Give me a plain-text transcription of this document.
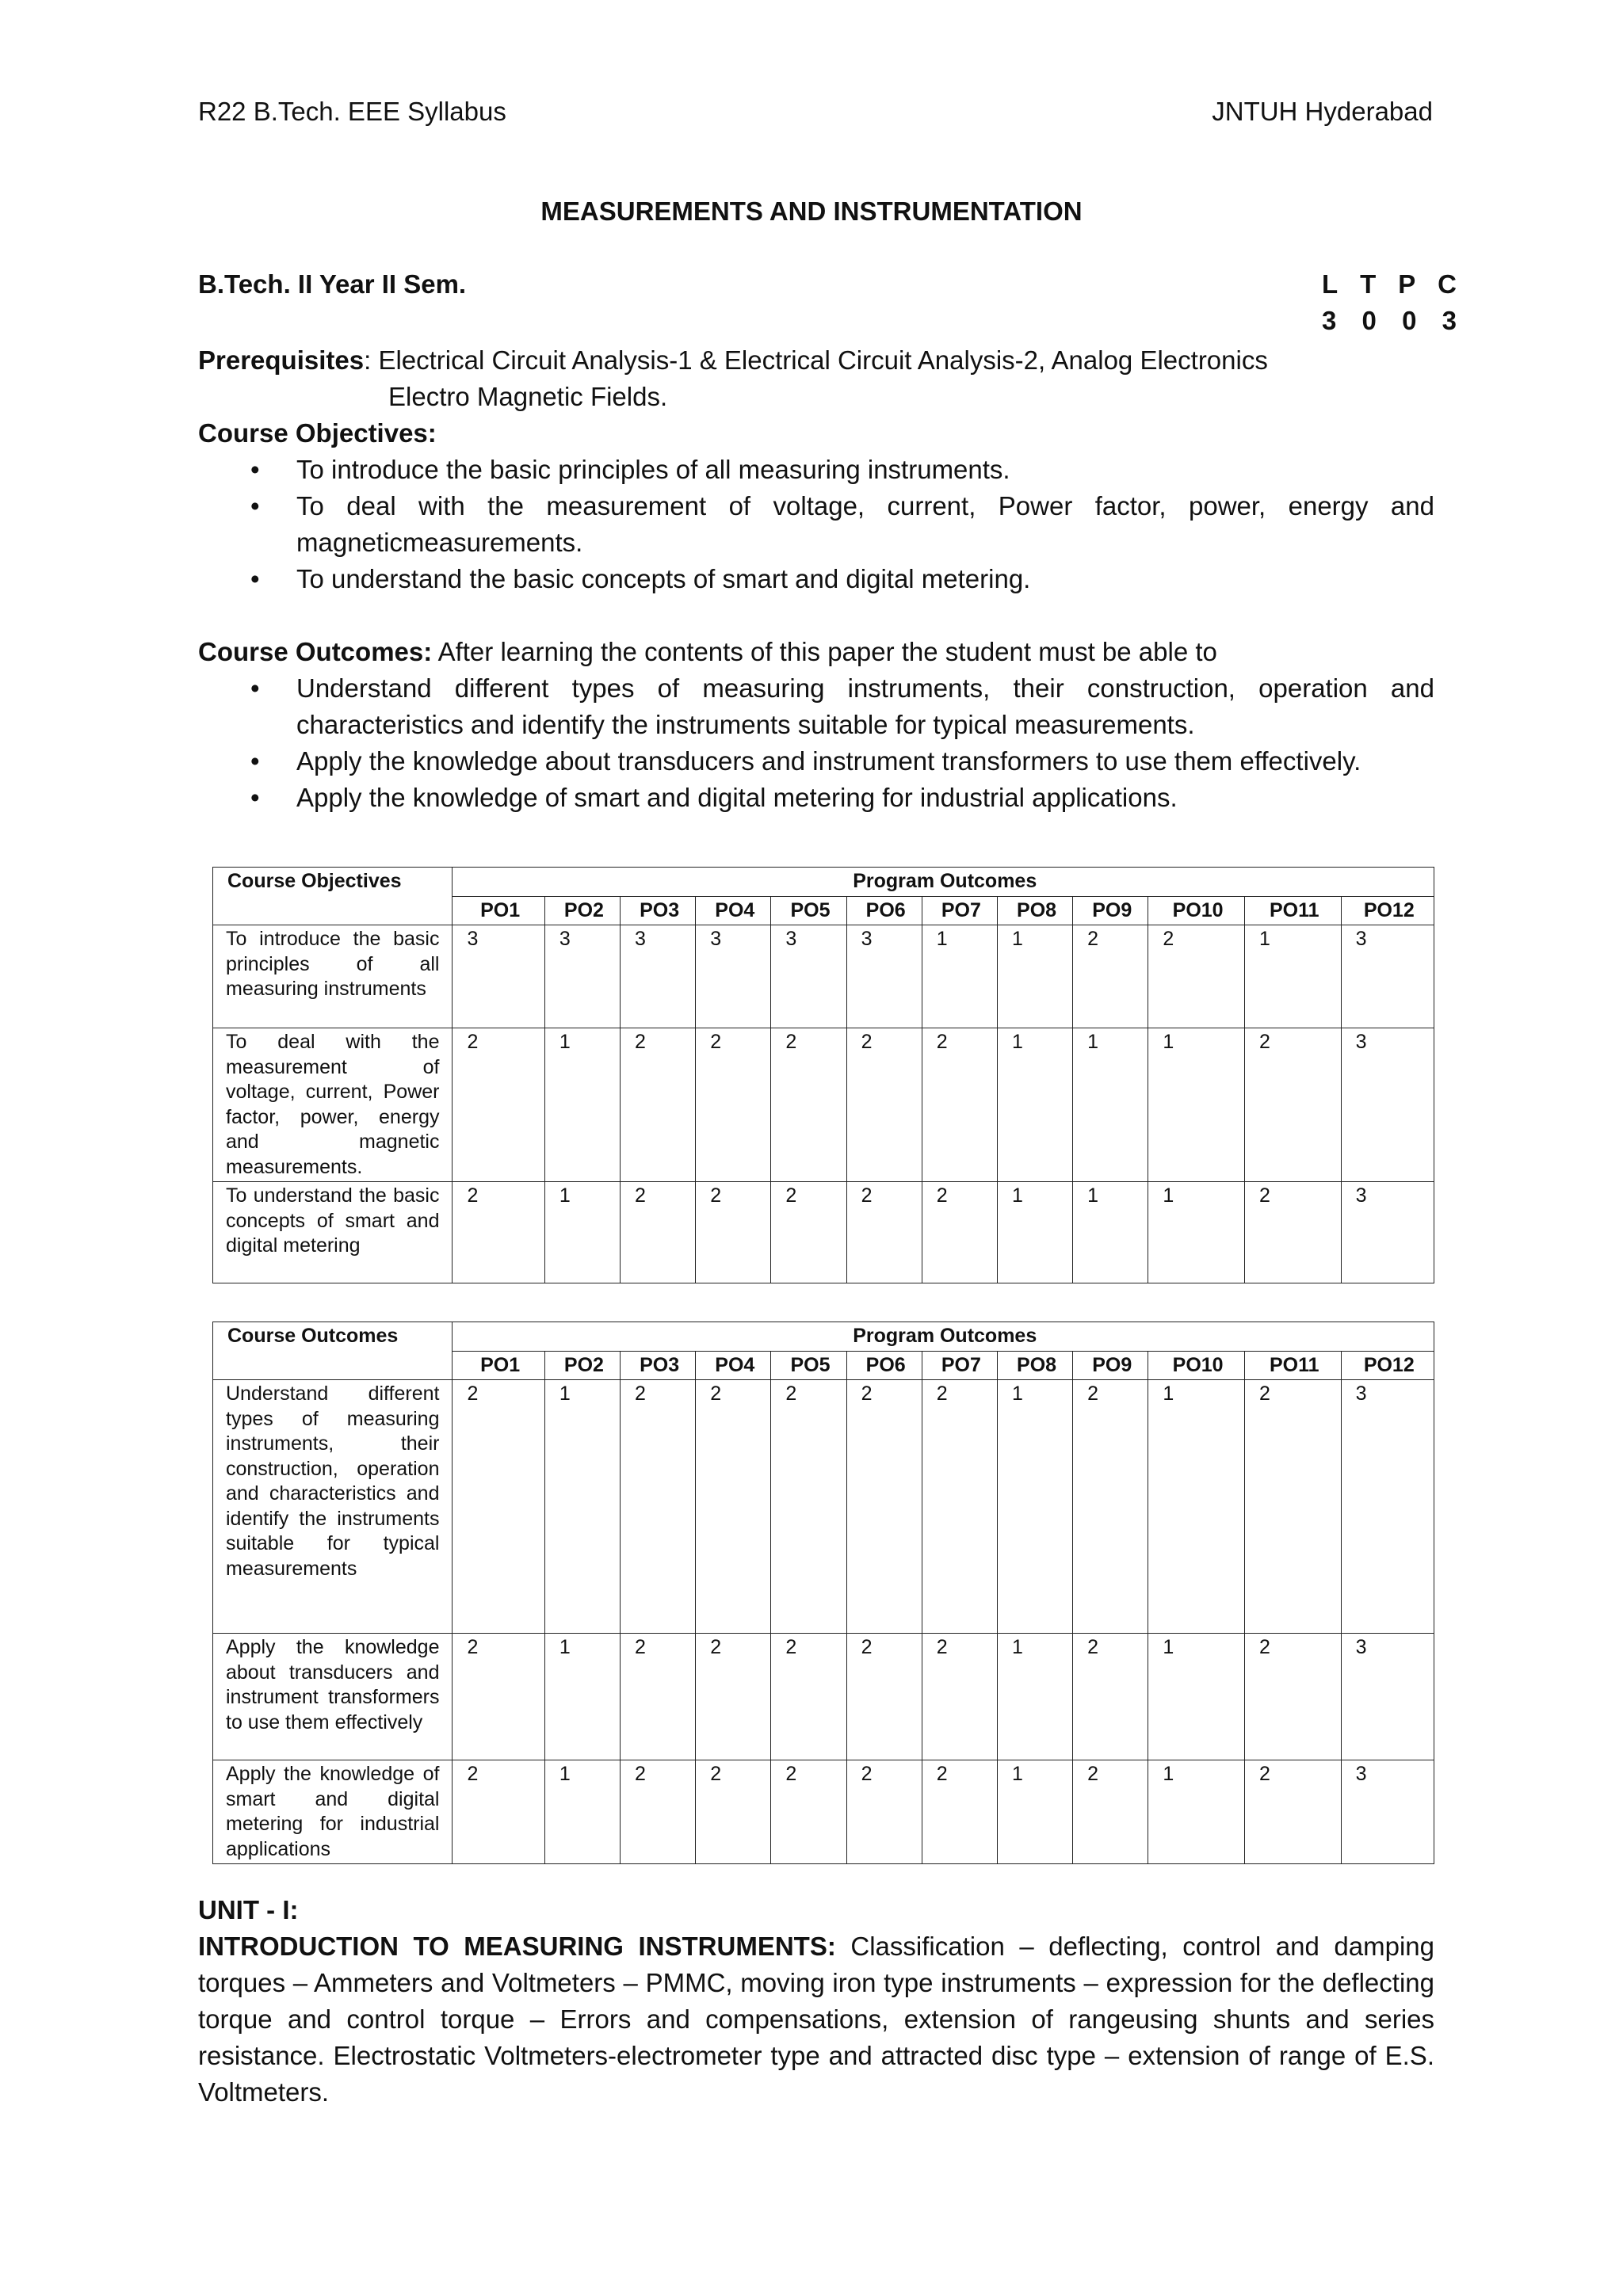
R22 B.Tech. EEE Syllabus	JNTUH Hyderabad
MEASUREMENTS AND INSTRUMENTATION
B.Tech. II Year II Sem.	L T P C
3 0 0 3
Prerequisites: Electrical Circuit Analysis-1 & Electrical Circuit Analysis-2, Analog Electronics
Electro Magnetic Fields.
Course Objectives:
• To introduce the basic principles of all measuring instruments.
• To deal with the measurement of voltage, current, Power factor, power, energy and magneticmeasurements.
• To understand the basic concepts of smart and digital metering.
Course Outcomes: After learning the contents of this paper the student must be able to
• Understand different types of measuring instruments, their construction, operation and characteristics and identify the instruments suitable for typical measurements.
• Apply the knowledge about transducers and instrument transformers to use them effectively.
• Apply the knowledge of smart and digital metering for industrial applications.
Course Objectives	Program Outcomes											
	PO1	PO2	PO3	PO4	PO5	PO6	PO7	PO8	PO9	PO10	PO11	PO12
To introduce the basic principles of all measuring instruments	3	3	3	3	3	3	1	1	2	2	1	3
To deal with the measurement of voltage, current, Power factor, power, energy and magnetic measurements.	2	1	2	2	2	2	2	1	1	1	2	3
To understand the basic concepts of smart and digital metering	2	1	2	2	2	2	2	1	1	1	2	3
Course Outcomes	Program Outcomes											
	PO1	PO2	PO3	PO4	PO5	PO6	PO7	PO8	PO9	PO10	PO11	PO12
Understand different types of measuring instruments, their construction, operation and characteristics and identify the instruments suitable for typical measurements	2	1	2	2	2	2	2	1	2	1	2	3
Apply the knowledge about transducers and instrument transformers to use them effectively	2	1	2	2	2	2	2	1	2	1	2	3
Apply the knowledge of smart and digital metering for industrial applications	2	1	2	2	2	2	2	1	2	1	2	3
UNIT - I:

INTRODUCTION TO MEASURING INSTRUMENTS: Classification – deflecting, control and damping torques – Ammeters and Voltmeters – PMMC, moving iron type instruments – expression for the deflecting torque and control torque – Errors and compensations, extension of rangeusing shunts and series resistance. Electrostatic Voltmeters-electrometer type and attracted disc type – extension of range of E.S. Voltmeters.
